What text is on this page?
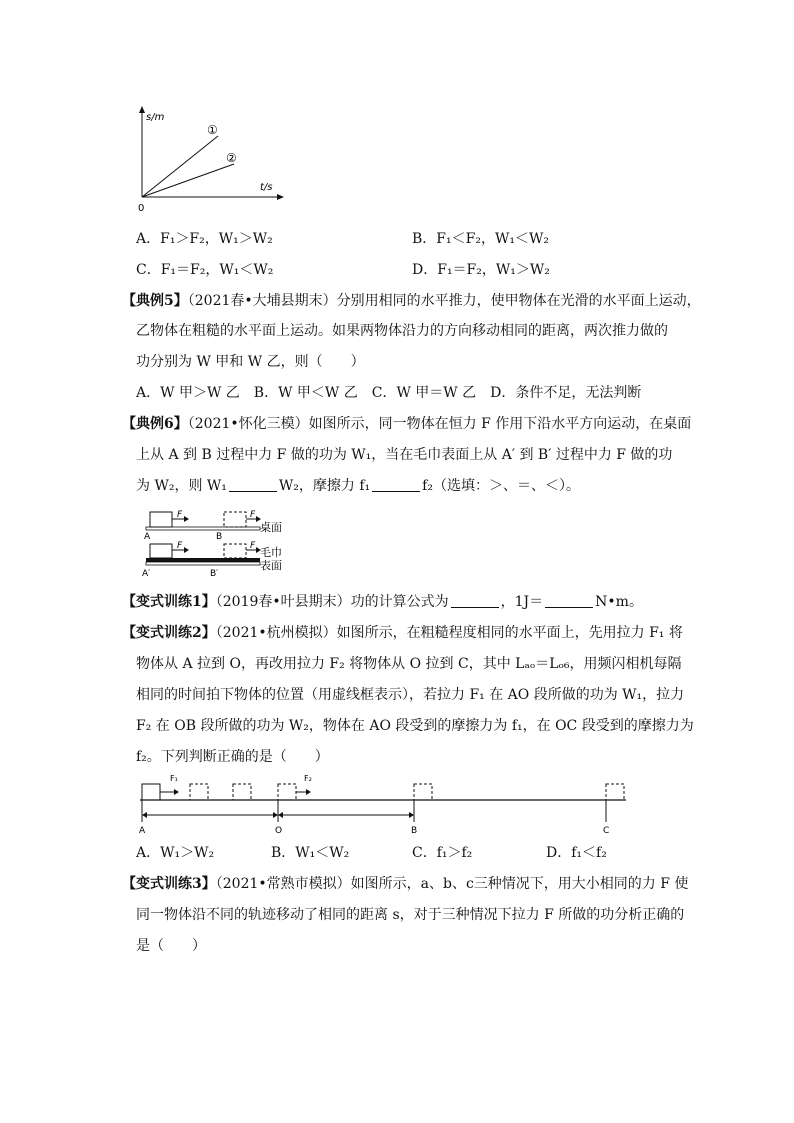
s/m
t/s
0
①
②
A．F₁＞F₂，W₁＞W₂	B．F₁＜F₂，W₁＜W₂
C．F₁＝F₂，W₁＜W₂	D．F₁＝F₂，W₁＞W₂
【典例5】（2021春•大埔县期末）分别用相同的水平推力，使甲物体在光滑的水平面上运动，
乙物体在粗糙的水平面上运动。如果两物体沿力的方向移动相同的距离，两次推力做的
功分别为 W 甲和 W 乙，则（　　）
A．W 甲＞W 乙　B．W 甲＜W 乙　C．W 甲＝W 乙　D．条件不足，无法判断
【典例6】（2021•怀化三模）如图所示，同一物体在恒力 F 作用下沿水平方向运动，在桌面
上从 A 到 B 过程中力 F 做的功为 W₁，当在毛巾表面上从 A′ 到 B′ 过程中力 F 做的功
为 W₂，则 W₁	W₂，摩擦力 f₁	f₂（选填：＞、＝、＜）。
F	F
A	B
桌面
F	F
A′	B′
毛巾
表面
【变式训练1】（2019春•叶县期末）功的计算公式为	，1J＝	N•m。
【变式训练2】（2021•杭州模拟）如图所示，在粗糙程度相同的水平面上，先用拉力 F₁ 将
物体从 A 拉到 O，再改用拉力 F₂ 将物体从 O 拉到 C，其中 Lₐₒ＝Lₒ₆，用频闪相机每隔
相同的时间拍下物体的位置（用虚线框表示），若拉力 F₁ 在 AO 段所做的功为 W₁，拉力
F₂ 在 OB 段所做的功为 W₂，物体在 AO 段受到的摩擦力为 f₁，在 OC 段受到的摩擦力为
f₂。下列判断正确的是（　　）
F₁	F₂
A	O	B	C
A．W₁＞W₂	B．W₁＜W₂	C．f₁＞f₂	D．f₁＜f₂
【变式训练3】（2021•常熟市模拟）如图所示，a、b、c三种情况下，用大小相同的力 F 使
同一物体沿不同的轨迹移动了相同的距离 s，对于三种情况下拉力 F 所做的功分析正确的
是（　　）
